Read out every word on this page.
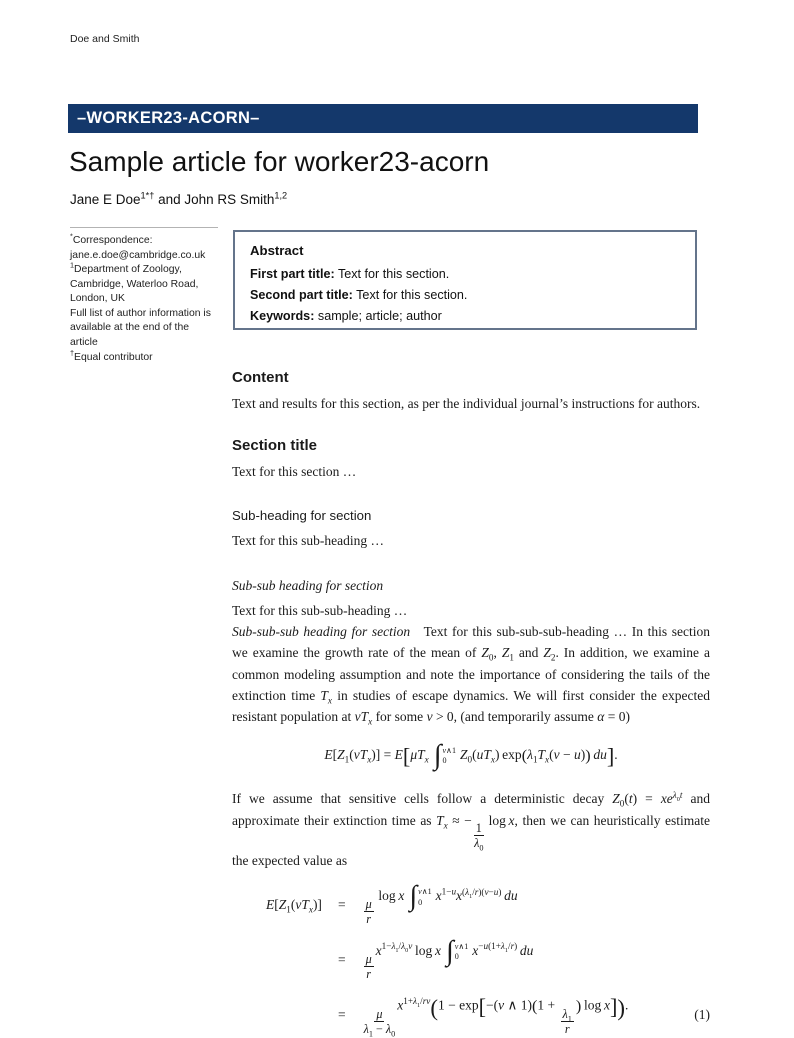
Doe and Smith
–WORKER23-ACORN–
Sample article for worker23-acorn
Jane E Doe$^{1*\dagger}$ and John RS Smith$^{1,2}$
*Correspondence: jane.e.doe@cambridge.co.uk
$^1$Department of Zoology, Cambridge, Waterloo Road, London, UK
Full list of author information is available at the end of the article
†Equal contributor
Abstract
First part title: Text for this section.
Second part title: Text for this section.
Keywords: sample; article; author
Content

Text and results for this section, as per the individual journal’s instructions for authors.

Section title

Text for this section …

Sub-heading for section

Text for this sub-heading …

Sub-sub heading for section

Text for this sub-sub-heading …

Sub-sub-sub heading for section Text for this sub-sub-sub-heading … In this section we examine the growth rate of the mean of $Z_0$, $Z_1$ and $Z_2$. In addition, we examine a common modeling assumption and note the importance of considering the tails of the extinction time $T_x$ in studies of escape dynamics. We will first consider the expected resistant population at $vT_x$ for some v > 0, (and temporarily assume α = 0)

$E[Z_1(vT_x)] = E[\mu T_x$ ∫ v∧1
0	$Z_0(uT_x) \exp(\lambda_1T_x(v - u))$  du].

If we assume that sensitive cells follow a deterministic decay $Z_0(t) = xe^{\lambda_0t}$ and approximate their extinction time as $T_x$ ≈ −
$\frac{1}{\lambda_0}$
 log x, then we can heuristically estimate the expected value as

$E[Z_1(vT_x)] = \frac{\mu}{r}$
 log x ∫ v∧1
0	$x^{1-u}x^{(\lambda_1/r)(v-u)}$  du
= $\frac{\mu}{r}$
$x^{1-\lambda_1/\lambda_0v}$ log x ∫ v∧1
0	$x^{-u(1+\lambda_1/r)}$  du
= $\frac{\mu}{\lambda_1 - \lambda_0}$
$x^{1+\lambda_1/rv}(1 - \exp[-(v$ ∧ 1)(1 +
$\frac{\lambda_1}{r}$
) log x]).
(1)
